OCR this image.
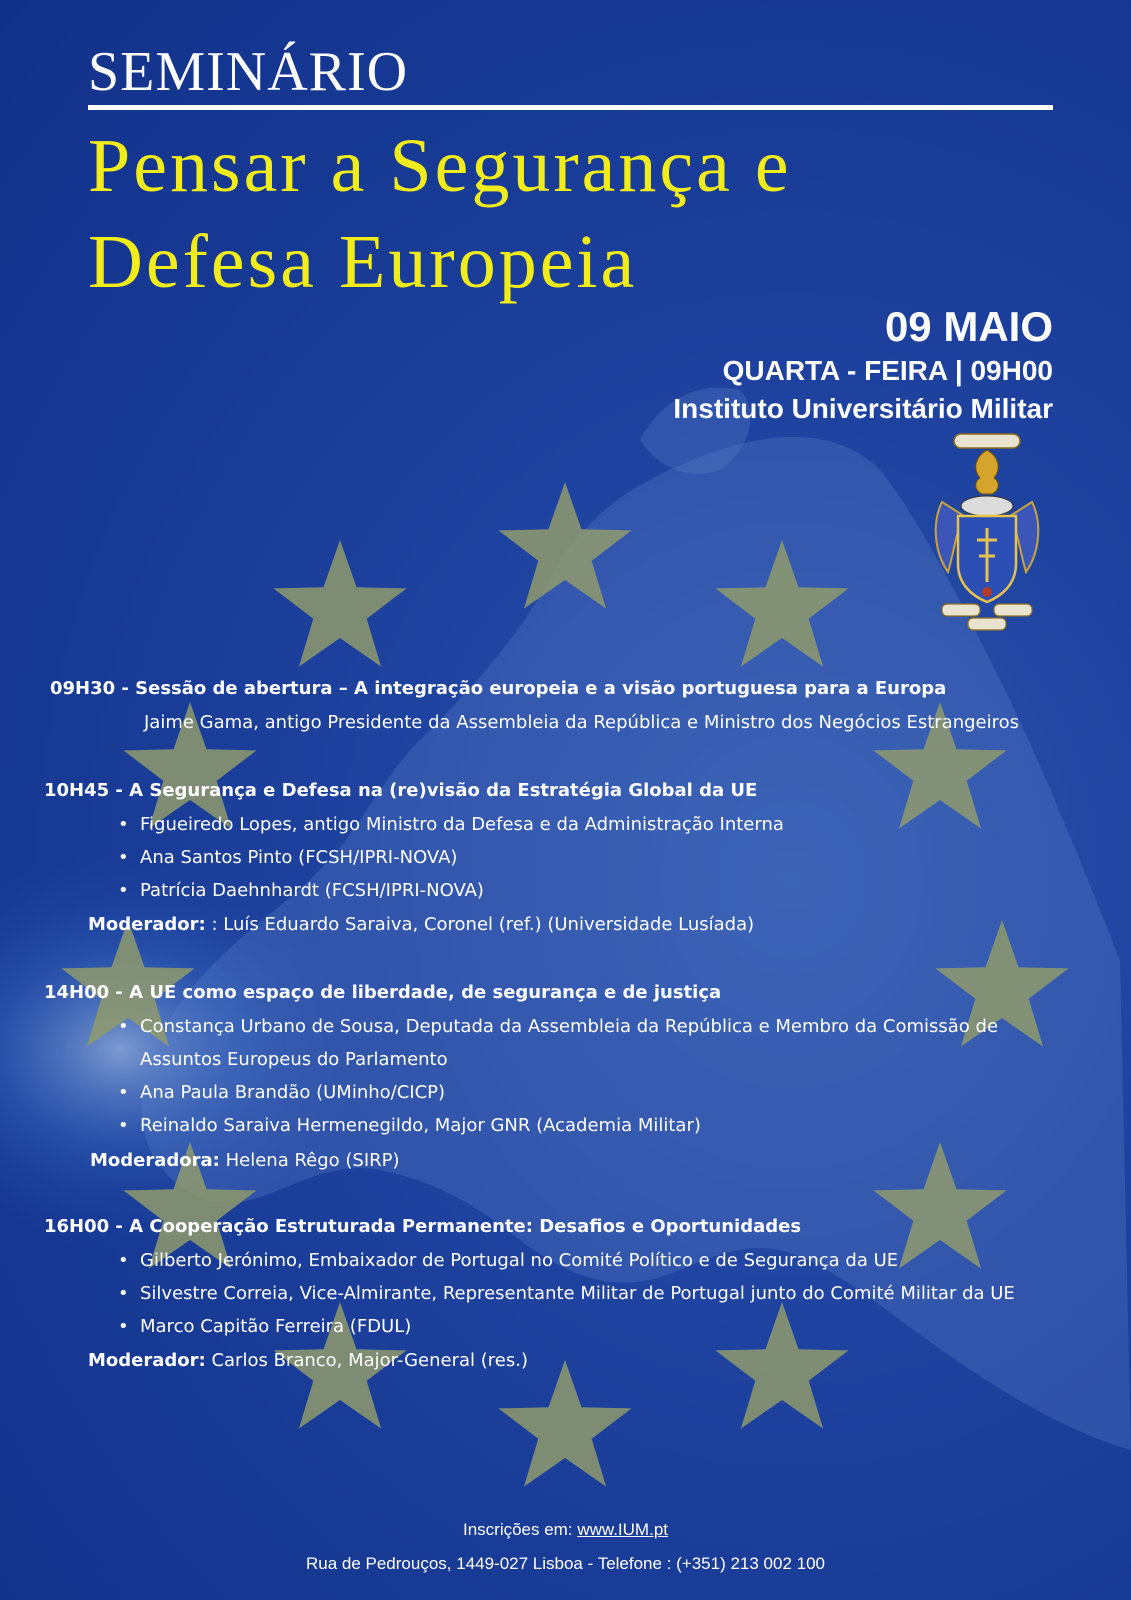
SEMINÁRIO
Pensar a Segurança e
Defesa Europeia
09 MAIO
QUARTA - FEIRA | 09H00
Instituto Universitário Militar
09H30 - Sessão de abertura – A integração europeia e a visão portuguesa para a Europa
Jaime Gama, antigo Presidente da Assembleia da República e Ministro dos Negócios Estrangeiros
10H45 - A Segurança e Defesa na (re)visão da Estratégia Global da UE
• Figueiredo Lopes, antigo Ministro da Defesa e da Administração Interna
• Ana Santos Pinto (FCSH/IPRI-NOVA)
• Patrícia Daehnhardt (FCSH/IPRI-NOVA)
Moderador: : Luís Eduardo Saraiva, Coronel (ref.) (Universidade Lusíada)
14H00 - A UE como espaço de liberdade, de segurança e de justiça
• Constança Urbano de Sousa, Deputada da Assembleia da República e Membro da Comissão de
Assuntos Europeus do Parlamento
• Ana Paula Brandão (UMinho/CICP)
• Reinaldo Saraiva Hermenegildo, Major GNR (Academia Militar)
Moderadora: Helena Rêgo (SIRP)
16H00 - A Cooperação Estruturada Permanente: Desafios e Oportunidades
• Gilberto Jerónimo, Embaixador de Portugal no Comité Político e de Segurança da UE
• Silvestre Correia, Vice-Almirante, Representante Militar de Portugal junto do Comité Militar da UE
• Marco Capitão Ferreira (FDUL)
Moderador: Carlos Branco, Major-General (res.)
Inscrições em: www.IUM.pt
Rua de Pedrouços, 1449-027 Lisboa - Telefone : (+351) 213 002 100
